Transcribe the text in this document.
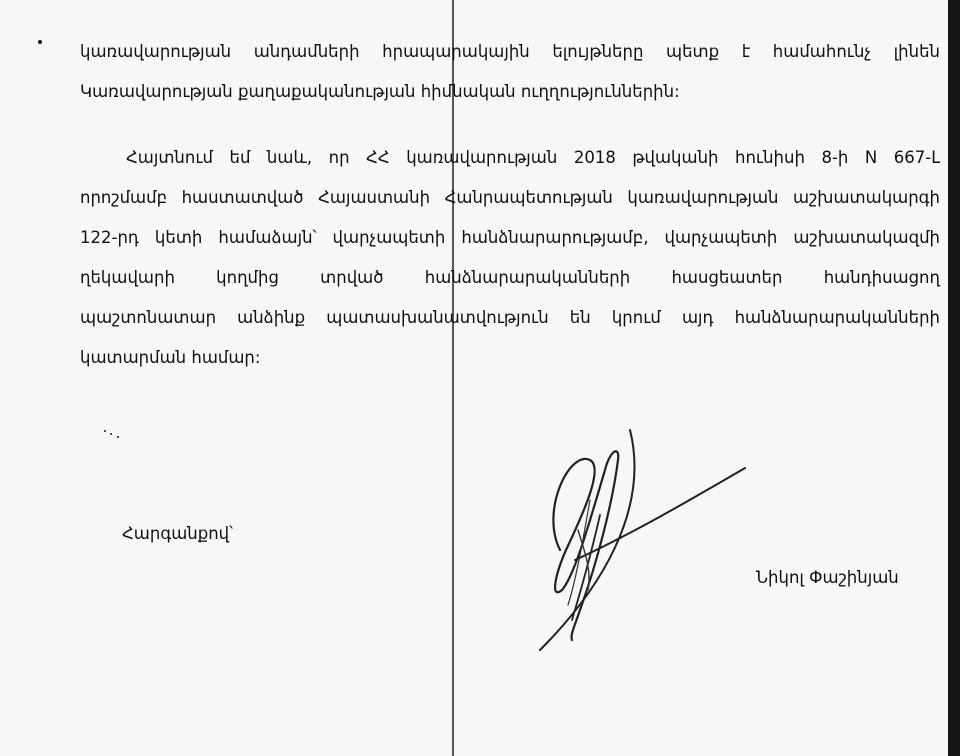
կառավարության անդամների հրապարակային ելույթները պետք է համահունչ լինեն

Կառավարության քաղաքականության հիմնական ուղղություններին:

Հայտնում եմ նաև, որ ՀՀ կառավարության 2018 թվականի հունիսի 8-ի N 667-Լ

որոշմամբ հաստատված Հայաստանի Հանրապետության կառավարության աշխատակարգի

122-րդ կետի համաձայն՝ վարչապետի հանձնարարությամբ, վարչապետի աշխատակազմի

ղեկավարի կողմից տրված հանձնարարականների հասցեատեր հանդիսացող

պաշտոնատար անձինք պատասխանատվություն են կրում այդ հանձնարարականների

կատարման համար:

Հարգանքով՝

Նիկոլ Փաշինյան
